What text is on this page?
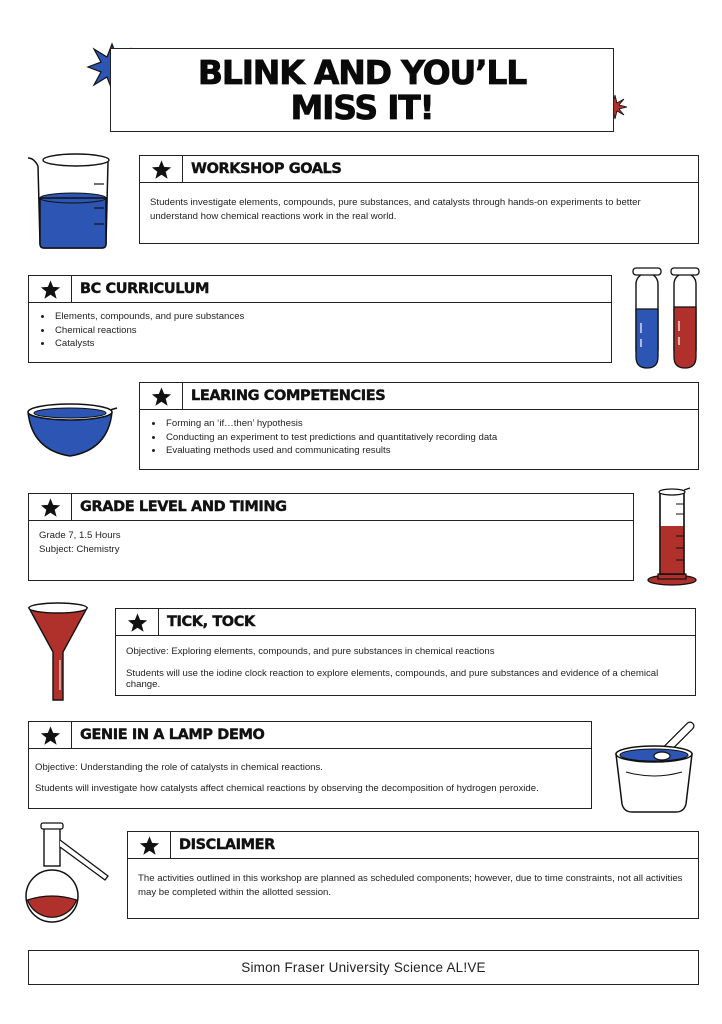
BLINK AND YOU’LL
MISS IT!
WORKSHOP GOALS

Students investigate elements, compounds, pure substances, and catalysts through hands-on experiments to better understand how chemical reactions work in the real world.

BC CURRICULUM
• Elements, compounds, and pure substances
• Chemical reactions
• Catalysts
LEARING COMPETENCIES
• Forming an ‘if…then’ hypothesis
• Conducting an experiment to test predictions and quantitatively recording data
• Evaluating methods used and communicating results
GRADE LEVEL AND TIMING
Grade 7, 1.5 Hours
Subject: Chemistry
TICK, TOCK

Objective: Exploring elements, compounds, and pure substances in chemical reactions

Students will use the iodine clock reaction to explore elements, compounds, and pure substances and evidence of a chemical change.

GENIE IN A LAMP DEMO

Objective: Understanding the role of catalysts in chemical reactions.

Students will investigate how catalysts affect chemical reactions by observing the decomposition of hydrogen peroxide.

DISCLAIMER

The activities outlined in this workshop are planned as scheduled components; however, due to time constraints, not all activities may be completed within the allotted session.

Simon Fraser University Science AL!VE
